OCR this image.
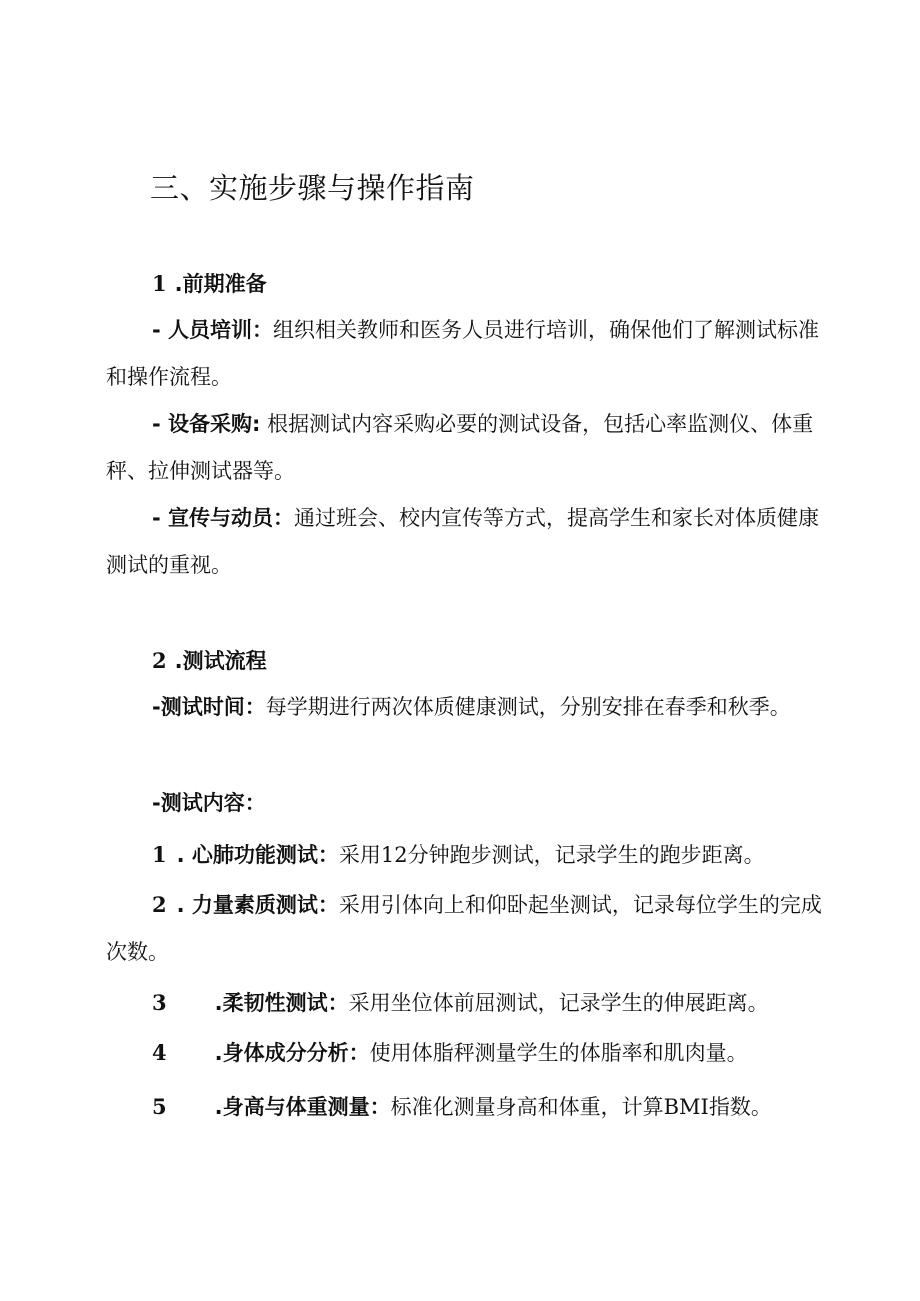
三、实施步骤与操作指南

1 .前期准备

- 人员培训：组织相关教师和医务人员进行培训，确保他们了解测试标准和操作流程。

- 设备采购: 根据测试内容采购必要的测试设备，包括心率监测仪、体重秤、拉伸测试器等。

- 宣传与动员：通过班会、校内宣传等方式，提高学生和家长对体质健康测试的重视。

2 .测试流程

-测试时间：每学期进行两次体质健康测试，分别安排在春季和秋季。

-测试内容：

1 . 心肺功能测试：采用12分钟跑步测试，记录学生的跑步距离。

2 . 力量素质测试：采用引体向上和仰卧起坐测试，记录每位学生的完成次数。

3 .柔韧性测试：采用坐位体前屈测试，记录学生的伸展距离。

4 .身体成分分析：使用体脂秤测量学生的体脂率和肌肉量。

5 .身高与体重测量：标准化测量身高和体重，计算BMI指数。
